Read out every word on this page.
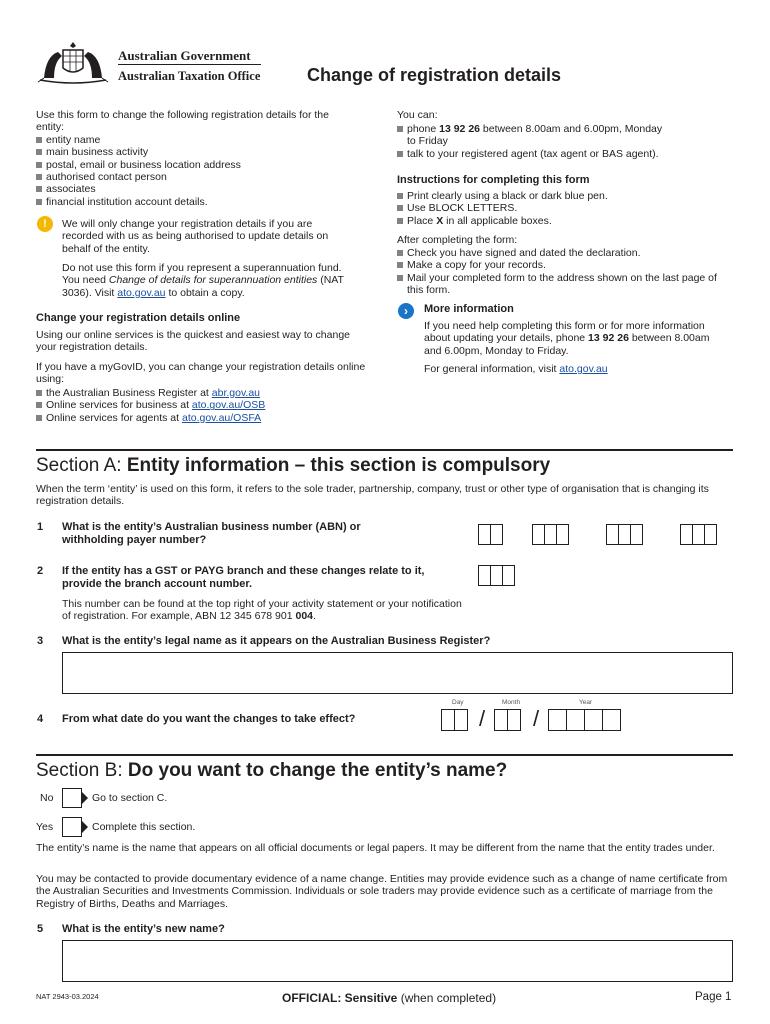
Australian Government
Australian Taxation Office	Change of registration details
Use this form to change the following registration details for the entity:
entity name
main business activity
postal, email or business location address
authorised contact person
associates
financial institution account details.
!	We will only change your registration details if you are recorded with us as being authorised to update details on behalf of the entity.
Do not use this form if you represent a superannuation fund. You need Change of details for superannuation entities (NAT 3036). Visit ato.gov.au to obtain a copy.
Change your registration details online
Using our online services is the quickest and easiest way to change your registration details.
If you have a myGovID, you can change your registration details online using:
the Australian Business Register at abr.gov.au
Online services for business at ato.gov.au/OSB
Online services for agents at ato.gov.au/OSFA
You can:
phone 13 92 26 between 8.00am and 6.00pm, Monday to Friday
talk to your registered agent (tax agent or BAS agent).
Instructions for completing this form
Print clearly using a black or dark blue pen.
Use BLOCK LETTERS.
Place X in all applicable boxes.
After completing the form:
Check you have signed and dated the declaration.
Make a copy for your records.
Mail your completed form to the address shown on the last page of this form.
›	More information
If you need help completing this form or for more information about updating your details, phone 13 92 26 between 8.00am and 6.00pm, Monday to Friday.
For general information, visit ato.gov.au
Section A: Entity information – this section is compulsory
When the term ‘entity’ is used on this form, it refers to the sole trader, partnership, company, trust or other type of organisation that is changing its registration details.
1 What is the entity’s Australian business number (ABN) or withholding payer number?
2 If the entity has a GST or PAYG branch and these changes relate to it, provide the branch account number.
This number can be found at the top right of your activity statement or your notification of registration. For example, ABN 12 345 678 901 004.
3 What is the entity’s legal name as it appears on the Australian Business Register?
Day	Month	Year
4 From what date do you want the changes to take effect?	/ /
Section B: Do you want to change the entity’s name?
No	Go to section C.
Yes	Complete this section.
The entity’s name is the name that appears on all official documents or legal papers. It may be different from the name that the entity trades under.
You may be contacted to provide documentary evidence of a name change. Entities may provide evidence such as a change of name certificate from the Australian Securities and Investments Commission. Individuals or sole traders may provide evidence such as a certificate of marriage from the Registry of Births, Deaths and Marriages.
5 What is the entity’s new name?
NAT 2943-03.2024	OFFICIAL: Sensitive (when completed)	Page 1
